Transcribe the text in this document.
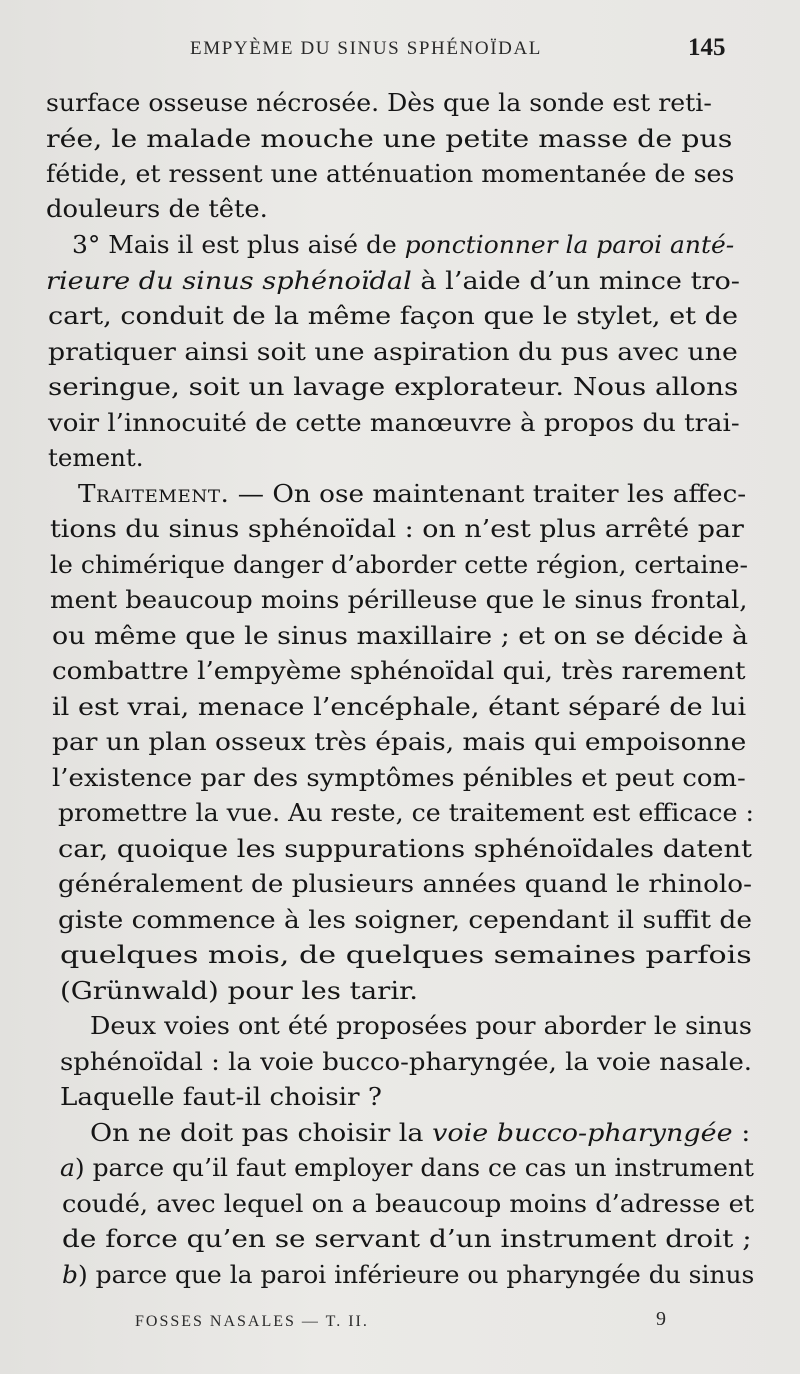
EMPYÈME DU SINUS SPHÉNOÏDAL	145
surface osseuse nécrosée. Dès que la sonde est reti-
rée, le malade mouche une petite masse de pus
fétide, et ressent une atténuation momentanée de ses
douleurs de tête.
3° Mais il est plus aisé de ponctionner la paroi anté-
rieure du sinus sphénoïdal à l’aide d’un mince tro-
cart, conduit de la même façon que le stylet, et de
pratiquer ainsi soit une aspiration du pus avec une
seringue, soit un lavage explorateur. Nous allons
voir l’innocuité de cette manœuvre à propos du trai-
tement.
Traitement. — On ose maintenant traiter les affec-
tions du sinus sphénoïdal : on n’est plus arrêté par
le chimérique danger d’aborder cette région, certaine-
ment beaucoup moins périlleuse que le sinus frontal,
ou même que le sinus maxillaire ; et on se décide à
combattre l’empyème sphénoïdal qui, très rarement
il est vrai, menace l’encéphale, étant séparé de lui
par un plan osseux très épais, mais qui empoisonne
l’existence par des symptômes pénibles et peut com-
promettre la vue. Au reste, ce traitement est efficace :
car, quoique les suppurations sphénoïdales datent
généralement de plusieurs années quand le rhinolo-
giste commence à les soigner, cependant il suffit de
quelques mois, de quelques semaines parfois
(Grünwald) pour les tarir.
Deux voies ont été proposées pour aborder le sinus
sphénoïdal : la voie bucco-pharyngée, la voie nasale.
Laquelle faut-il choisir ?
On ne doit pas choisir la voie bucco-pharyngée :
a) parce qu’il faut employer dans ce cas un instrument
coudé, avec lequel on a beaucoup moins d’adresse et
de force qu’en se servant d’un instrument droit ;
b) parce que la paroi inférieure ou pharyngée du sinus
FOSSES NASALES — T. II.	9
